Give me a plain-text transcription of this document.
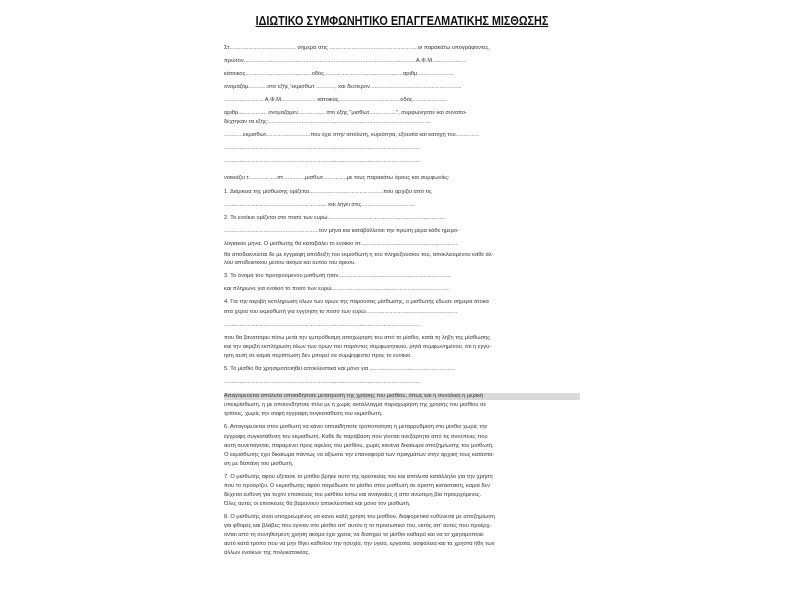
ΙΔΙΩΤΙΚΟ ΣΥΜΦΩΝΗΤΙΚΟ ΕΠΑΓΓΕΛΜΑΤΙΚΗΣ ΜΙΣΘΩΣΗΣ
Στ.......................................... σήμερα στις ........................................................οι παρακάτω υπογράφοντες,
πρώτον.............................................................................................................Α.Φ.Μ.....................
κάτοικος..........................................οδός..................................................αριθμ.......................
ονομαζόμ............στο εξής 'εκμισθωτ ............, και δεύτερον..........................................................
......................... Α.Φ.Μ...................... κάτοικος.......................................οδός......................
αριθμ.................. ονομαζόμεν................. στο εξής "μισθωτ.................", συμφώνησαν και συναπο-
δέχτηκαν τα εξής:.......................................................................................................
............εκμισθωτ............................που έχει στην απόλυτη, κυριότητα, εξουσία και κατοχή του...............
............................................................................................................................
............................................................................................................................
νοικιάζει τ..................στ..............μισθωτ...............με τους παρακάτω όρους και συμφωνίες:
1. Διάρκεια της μίσθωσης ορίζεται...............................................που αρχίζει από τις
................................................................. και λήγει στις..................................
2. Το ενοίκιο ορίζεται στο ποσό των ευρώ...........................................................................
............................................................τον μήνα και καταβάλλεται την πρώτη μέρα κάθε ημερο-
λογιακού μήνα. Ο μισθωτής θα καταβάλει το ενοίκιο στ.............................................................
θα αποδεικνύεται δε με έγγραφη απόδειξη του εκμισθωτή η του πληρεξούσιου του, αποκλειομένου κάθε άλ-
λου αποδεικτικού μέσου ακόμα και αυτού του όρκου.
3. Το όνομα του προηγούμενου μισθωτή ήταν.......................................................................
και πλήρωνε για ενοίκιο το ποσό των ευρώ...........................................................................
4. Για την ακριβή εκπλήρωση όλων των όρων της παρούσας μίσθωσης, ο μισθωτής έδωσε σήμερα άτοκα
στα χέρια του εκμισθωτή για εγγύηση το ποσό των ευρώ..........................................................
............................................................................................................................
που θα ξαναπάρει πίσω μετά την εμπρόθεσμη αποχώρησή του από το μίσθιο, κατά τη λήξη της μίσθωσης
και την ακριβή εκπλήρωση όλων των όρων του παρόντος συμφωνητικού, ρητά συμφωνημένου, ότι η εγγύ-
ηση αυτή σε καμιά περίπτωση δεν μπορεί να συμψηφιστεί προς το ενοίκιο.
5. Το μίσθιο θα χρησιμοποιηθεί αποκλειστικά και μόνο για ......................................................
............................................................................................................................
Απαγορεύεται απόλυτα οποιαδήποτε μετατροπή της χρήσης του μισθίου, όπως και η συνολική η μερική
υπεκμίσθωση, η με οποιονδήποτε τίτλο με ή χωρίς αντάλλαγμα παραχώρηση της χρήσης του μισθίου σε
τρίτους, χωρίς την σαφή έγγραφη συγκατάθεση του εκμισθωτή.
6. Απαγορεύεται στον μισθωτή να κάνει οποιαδήποτε τροποποίηση ή μεταρρύθμιση στο μίσθιο χωρίς την
έγγραφη συγκατάθεση του εκμισθωτή. Κάθε δε παράβαση που γίνεται ανεξάρτητα από τις συνέπειες που
αυτή συνεπάγεται, παραμένει προς όφελος του μισθίου, χωρίς κανένα δικαίωμα αποζημίωσης του μισθωτή.
Ο εκμισθωτής έχει δικαίωμα πάντως να αξιώσει την επαναφορά των πραγμάτων στην αρχική τους κατάστα-
ση με δαπάνη του μισθωτή.
7. Ο μισθωτής αφού εξέτασε το μίσθιο βρήκε αυτό της αρεσκείας του και απόλυτα κατάλληλο για την χρήση
που το προορίζει. Ο εκμισθωτής αφού παρέδωσε το μίσθιο στον μισθωτή σε άριστη κατάσταση, καμιά δεν
δέχεται ευθύνη για τυχόν επισκευές του μισθίου έστω και αναγκαίες ή από ανώτερη βία προερχόμενες.
Όλες αυτές οι επισκευές θα βαρύνουν αποκλειστικά και μόνο τον μισθωτή.
8. Ο μισθωτής είναι υποχρεωμένος να κανει καλή χρήση του μισθίου, διαφορετικά ευθύνεται με αποζημίωση
για φθορές και βλάβες που έγιναν στο μίσθιο απ' αυτόν ή το προσωπικό του, εκτός απ' αυτές που προέρχ-
ονται από τη συνηθισμένη χρήση ακόμα έχει χρέος να διατηρεί το μίσθιο καθαρό και να το χρησιμοποιεί
αυτό κατά τρόπο που να μην θίγει καθόλου την ησυχία, την υγεία, εργασία, ασφάλεια και τα χρηστά ήθη των
άλλων ενοίκων της πολυκατοικίας.
